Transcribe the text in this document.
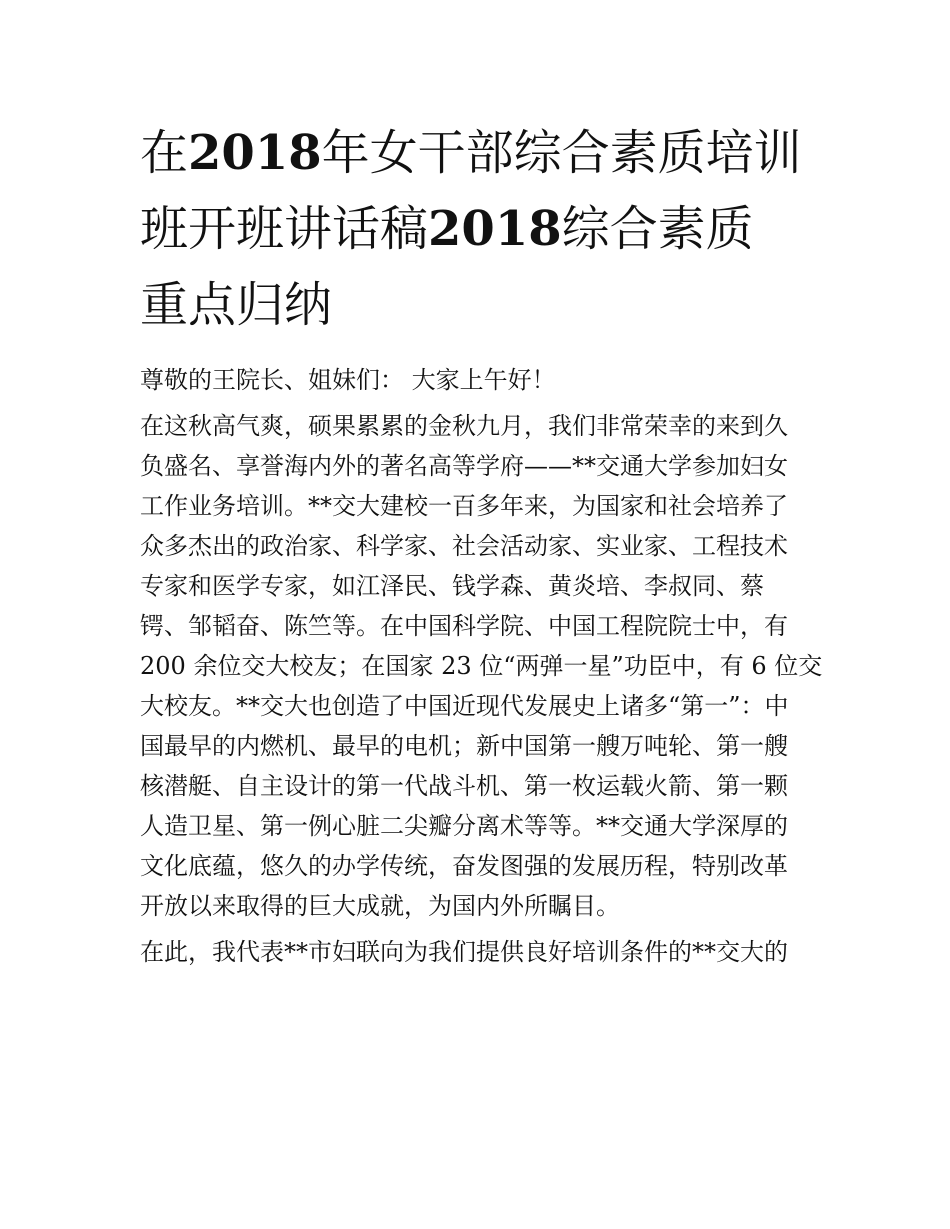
在2018年女干部综合素质培训
班开班讲话稿2018综合素质
重点归纳
尊敬的王院长、姐妹们： 大家上午好！
在这秋高气爽，硕果累累的金秋九月，我们非常荣幸的来到久
负盛名、享誉海内外的著名高等学府——**交通大学参加妇女
工作业务培训。**交大建校一百多年来，为国家和社会培养了
众多杰出的政治家、科学家、社会活动家、实业家、工程技术
专家和医学专家，如江泽民、钱学森、黄炎培、李叔同、蔡
锷、邹韬奋、陈竺等。在中国科学院、中国工程院院士中，有
200 余位交大校友；在国家 23 位“两弹一星”功臣中，有 6 位交
大校友。**交大也创造了中国近现代发展史上诸多“第一”：中
国最早的内燃机、最早的电机；新中国第一艘万吨轮、第一艘
核潜艇、自主设计的第一代战斗机、第一枚运载火箭、第一颗
人造卫星、第一例心脏二尖瓣分离术等等。**交通大学深厚的
文化底蕴，悠久的办学传统，奋发图强的发展历程，特别改革
开放以来取得的巨大成就，为国内外所瞩目。
在此，我代表**市妇联向为我们提供良好培训条件的**交大的
